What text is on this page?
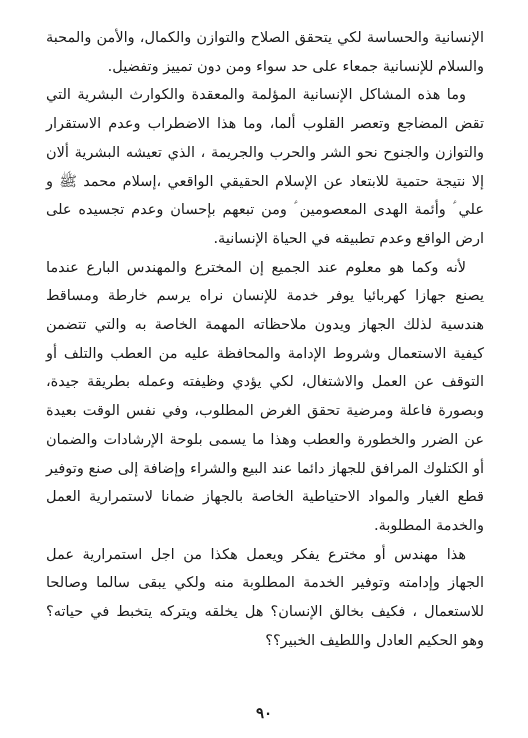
الإنسانية والحساسة لكي يتحقق الصلاح والتوازن والكمال، والأمن والمحبة والسلام للإنسانية جمعاء على حد سواء ومن دون تمييز وتفضيل.

وما هذه المشاكل الإنسانية المؤلمة والمعقدة والكوارث البشرية التي تقض المضاجع وتعصر القلوب ألما، وما هذا الاضطراب وعدم الاستقرار والتوازن والجنوح نحو الشر والحرب والجريمة ، الذي تعيشه البشرية ألان إلا نتيجة حتمية للابتعاد عن الإسلام الحقيقي الواقعي ،إسلام محمد ﷺ و علي ؑ وأئمة الهدى المعصومين ؑ ومن تبعهم بإحسان وعدم تجسيده على ارض الواقع وعدم تطبيقه في الحياة الإنسانية.

لأنه وكما هو معلوم عند الجميع إن المخترع والمهندس البارع عندما يصنع جهازا كهربائيا يوفر خدمة للإنسان نراه يرسم خارطة ومساقط هندسية لذلك الجهاز ويدون ملاحظاته المهمة الخاصة به والتي تتضمن كيفية الاستعمال وشروط الإدامة والمحافظة عليه من العطب والتلف أو التوقف عن العمل والاشتغال، لكي يؤدي وظيفته وعمله بطريقة جيدة، وبصورة فاعلة ومرضية تحقق الغرض المطلوب، وفي نفس الوقت بعيدة عن الضرر والخطورة والعطب وهذا ما يسمى بلوحة الإرشادات والضمان أو الكتلوك المرافق للجهاز دائما عند البيع والشراء وإضافة إلى صنع وتوفير قطع الغيار والمواد الاحتياطية الخاصة بالجهاز ضمانا لاستمرارية العمل والخدمة المطلوبة.

هذا مهندس أو مخترع يفكر ويعمل هكذا من اجل استمرارية عمل الجهاز وإدامته وتوفير الخدمة المطلوبة منه ولكي يبقى سالما وصالحا للاستعمال ، فكيف بخالق الإنسان؟ هل يخلقه ويتركه يتخبط في حياته؟ وهو الحكيم العادل واللطيف الخبير؟؟

٩٠
